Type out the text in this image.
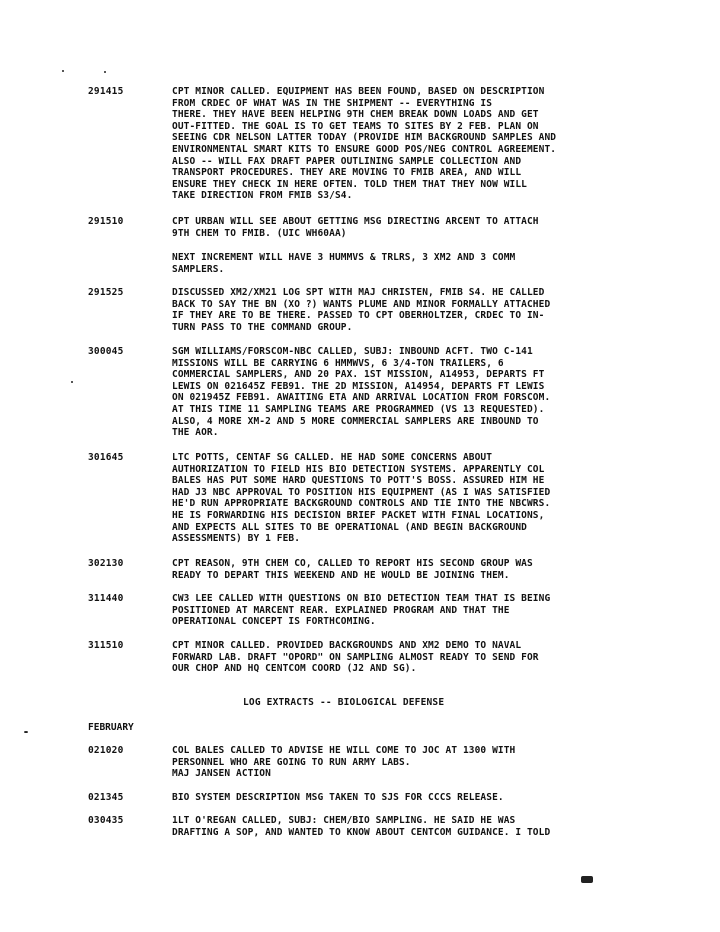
291415	CPT MINOR CALLED. EQUIPMENT HAS BEEN FOUND, BASED ON DESCRIPTION
FROM CRDEC OF WHAT WAS IN THE SHIPMENT -- EVERYTHING IS
THERE. THEY HAVE BEEN HELPING 9TH CHEM BREAK DOWN LOADS AND GET
OUT-FITTED. THE GOAL IS TO GET TEAMS TO SITES BY 2 FEB. PLAN ON
SEEING CDR NELSON LATTER TODAY (PROVIDE HIM BACKGROUND SAMPLES AND
ENVIRONMENTAL SMART KITS TO ENSURE GOOD POS/NEG CONTROL AGREEMENT.
ALSO -- WILL FAX DRAFT PAPER OUTLINING SAMPLE COLLECTION AND
TRANSPORT PROCEDURES. THEY ARE MOVING TO FMIB AREA, AND WILL
ENSURE THEY CHECK IN HERE OFTEN. TOLD THEM THAT THEY NOW WILL
TAKE DIRECTION FROM FMIB S3/S4.
291510	CPT URBAN WILL SEE ABOUT GETTING MSG DIRECTING ARCENT TO ATTACH
9TH CHEM TO FMIB. (UIC WH60AA)
NEXT INCREMENT WILL HAVE 3 HUMMVS & TRLRS, 3 XM2 AND 3 COMM
SAMPLERS.
291525	DISCUSSED XM2/XM21 LOG SPT WITH MAJ CHRISTEN, FMIB S4. HE CALLED
BACK TO SAY THE BN (XO ?) WANTS PLUME AND MINOR FORMALLY ATTACHED
IF THEY ARE TO BE THERE. PASSED TO CPT OBERHOLTZER, CRDEC TO IN-
TURN PASS TO THE COMMAND GROUP.
300045	SGM WILLIAMS/FORSCOM-NBC CALLED, SUBJ: INBOUND ACFT. TWO C-141
MISSIONS WILL BE CARRYING 6 HMMWVS, 6 3/4-TON TRAILERS, 6
COMMERCIAL SAMPLERS, AND 20 PAX. 1ST MISSION, A14953, DEPARTS FT
LEWIS ON 021645Z FEB91. THE 2D MISSION, A14954, DEPARTS FT LEWIS
ON 021945Z FEB91. AWAITING ETA AND ARRIVAL LOCATION FROM FORSCOM.
AT THIS TIME 11 SAMPLING TEAMS ARE PROGRAMMED (VS 13 REQUESTED).
ALSO, 4 MORE XM-2 AND 5 MORE COMMERCIAL SAMPLERS ARE INBOUND TO
THE AOR.
301645	LTC POTTS, CENTAF SG CALLED. HE HAD SOME CONCERNS ABOUT
AUTHORIZATION TO FIELD HIS BIO DETECTION SYSTEMS. APPARENTLY COL
BALES HAS PUT SOME HARD QUESTIONS TO POTT'S BOSS. ASSURED HIM HE
HAD J3 NBC APPROVAL TO POSITION HIS EQUIPMENT (AS I WAS SATISFIED
HE'D RUN APPROPRIATE BACKGROUND CONTROLS AND TIE INTO THE NBCWRS.
HE IS FORWARDING HIS DECISION BRIEF PACKET WITH FINAL LOCATIONS,
AND EXPECTS ALL SITES TO BE OPERATIONAL (AND BEGIN BACKGROUND
ASSESSMENTS) BY 1 FEB.
302130	CPT REASON, 9TH CHEM CO, CALLED TO REPORT HIS SECOND GROUP WAS
READY TO DEPART THIS WEEKEND AND HE WOULD BE JOINING THEM.
311440	CW3 LEE CALLED WITH QUESTIONS ON BIO DETECTION TEAM THAT IS BEING
POSITIONED AT MARCENT REAR. EXPLAINED PROGRAM AND THAT THE
OPERATIONAL CONCEPT IS FORTHCOMING.
311510	CPT MINOR CALLED. PROVIDED BACKGROUNDS AND XM2 DEMO TO NAVAL
FORWARD LAB. DRAFT "OPORD" ON SAMPLING ALMOST READY TO SEND FOR
OUR CHOP AND HQ CENTCOM COORD (J2 AND SG).
LOG EXTRACTS -- BIOLOGICAL DEFENSE
FEBRUARY
021020	COL BALES CALLED TO ADVISE HE WILL COME TO JOC AT 1300 WITH
PERSONNEL WHO ARE GOING TO RUN ARMY LABS.
MAJ JANSEN ACTION
021345	BIO SYSTEM DESCRIPTION MSG TAKEN TO SJS FOR CCCS RELEASE.
030435	1LT O'REGAN CALLED, SUBJ: CHEM/BIO SAMPLING. HE SAID HE WAS
DRAFTING A SOP, AND WANTED TO KNOW ABOUT CENTCOM GUIDANCE. I TOLD
